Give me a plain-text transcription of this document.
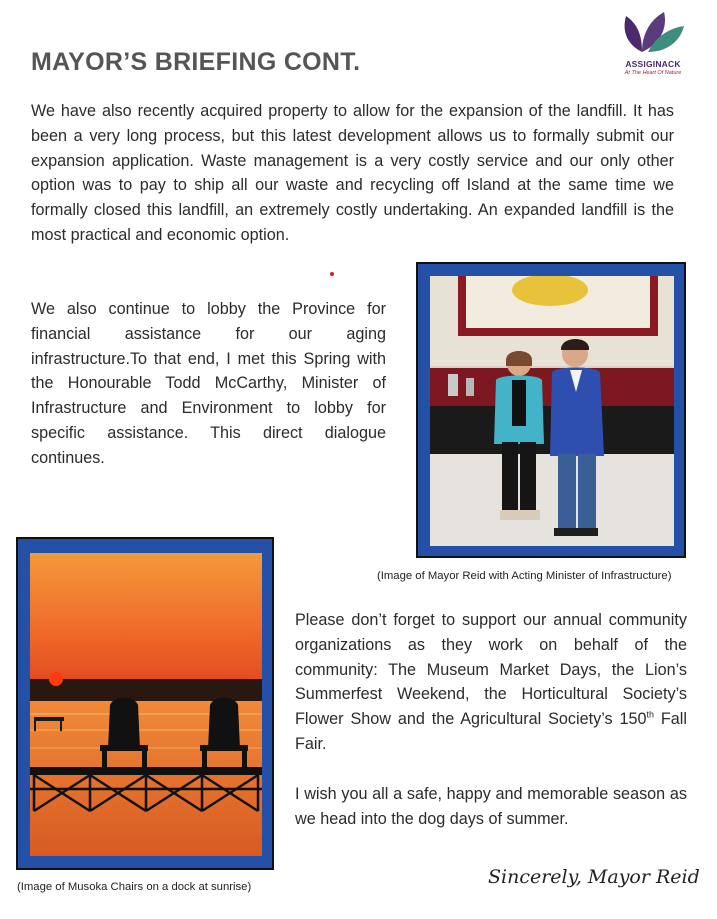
MAYOR’S BRIEFING CONT.	ASSIGINACK
At The Heart Of Nature

We have also recently acquired property to allow for the expansion of the landfill. It has been a very long process, but this latest development allows us to formally submit our expansion application. Waste management is a very costly service and our only other option was to pay to ship all our waste and recycling off Island at the same time we formally closed this landfill, an extremely costly undertaking. An expanded landfill is the most practical and economic option.

We also continue to lobby the Province for financial assistance for our aging infrastructure.To that end, I met this Spring with the Honourable Todd McCarthy, Minister of Infrastructure and Environment to lobby for specific assistance. This direct dialogue continues.

(Image of Mayor Reid with Acting Minister of Infrastructure)
(Image of Musoka Chairs on a dock at sunrise)

Please don’t forget to support our annual community organizations as they work on behalf of the community: The Museum Market Days, the Lion’s Summerfest Weekend, the Horticultural Society’s Flower Show and the Agricultural Society’s 150th Fall Fair.

I wish you all a safe, happy and memorable season as we head into the dog days of summer.

Sincerely, Mayor Reid
